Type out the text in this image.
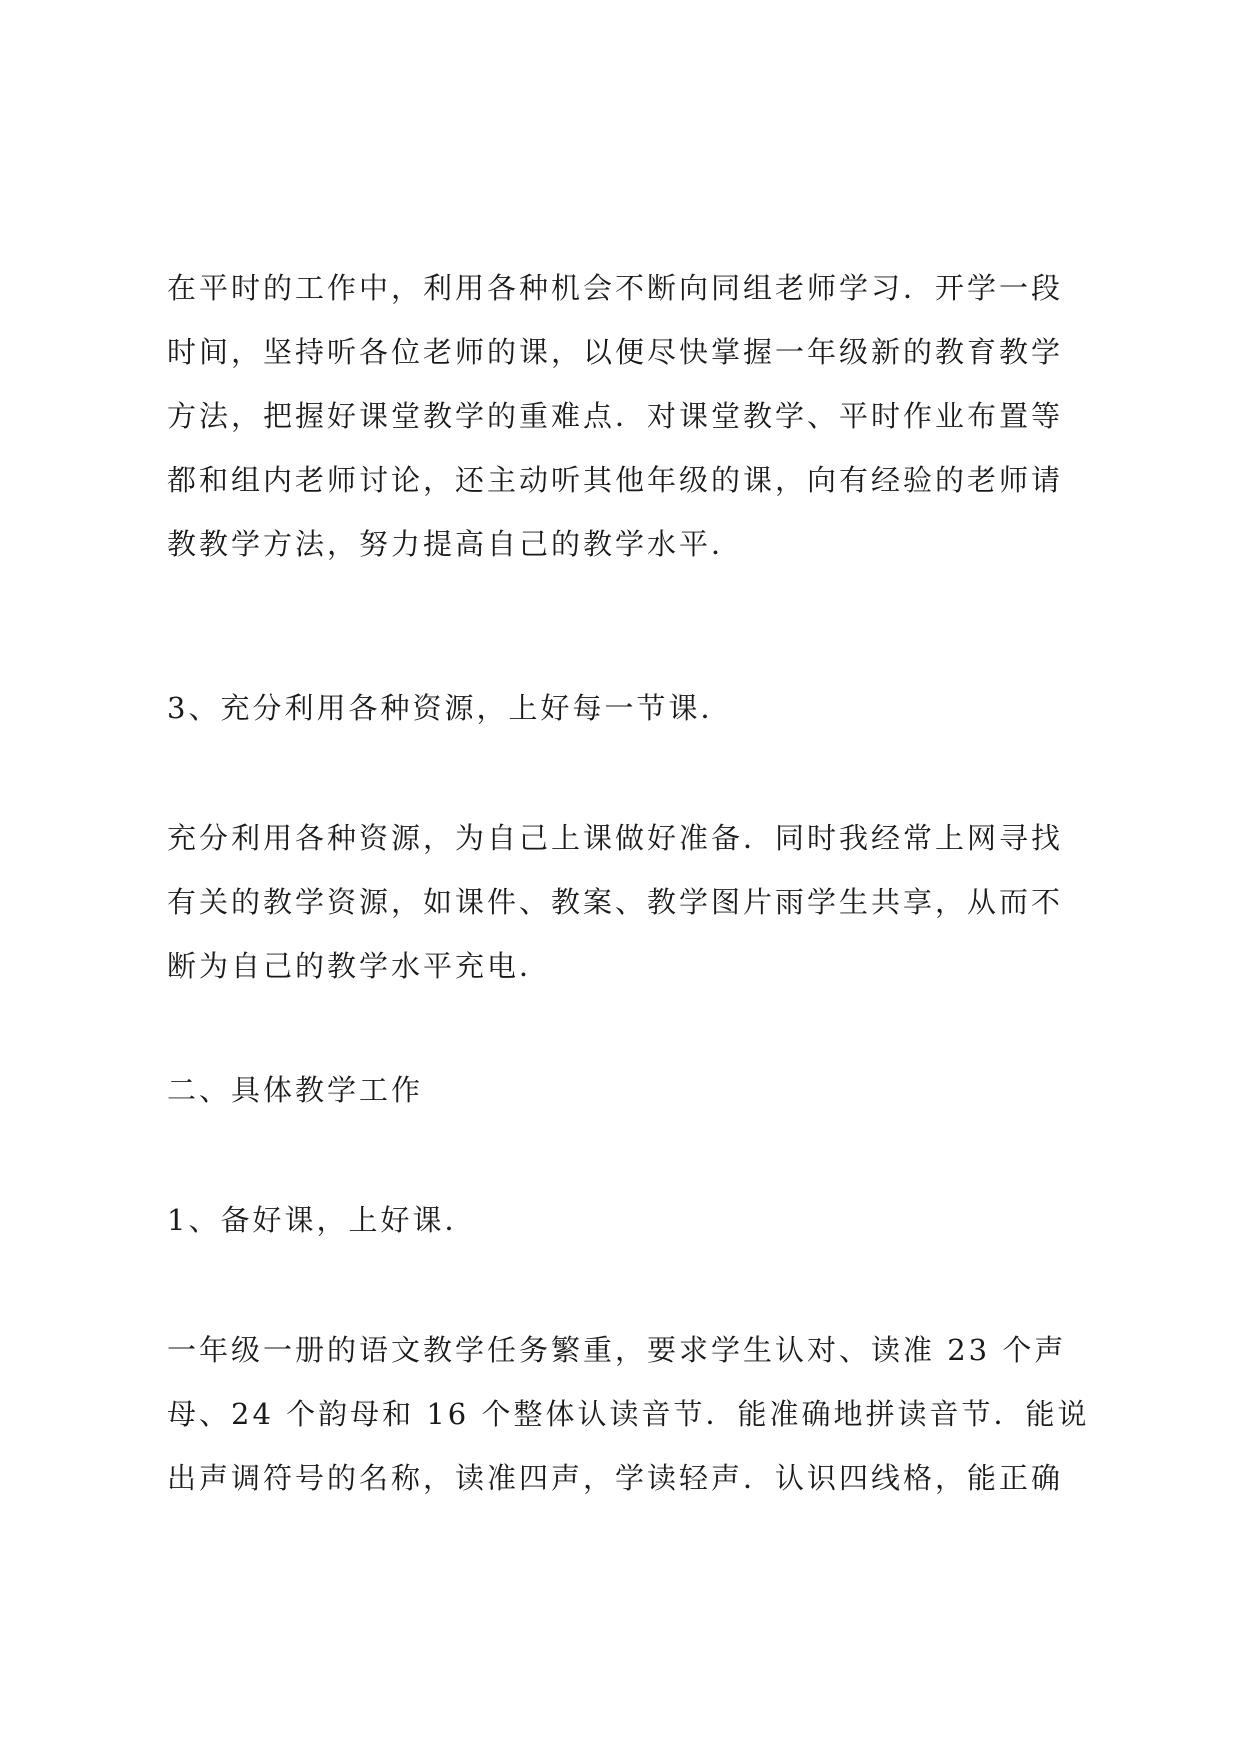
在平时的工作中，利用各种机会不断向同组老师学习．开学一段
时间，坚持听各位老师的课，以便尽快掌握一年级新的教育教学
方法，把握好课堂教学的重难点．对课堂教学、平时作业布置等
都和组内老师讨论，还主动听其他年级的课，向有经验的老师请
教教学方法，努力提高自己的教学水平．

3、充分利用各种资源，上好每一节课．

充分利用各种资源，为自己上课做好准备．同时我经常上网寻找
有关的教学资源，如课件、教案、教学图片雨学生共享，从而不
断为自己的教学水平充电．

二、具体教学工作

1、备好课，上好课．

一年级一册的语文教学任务繁重，要求学生认对、读准 23 个声
母、24 个韵母和 16 个整体认读音节．能准确地拼读音节．能说
出声调符号的名称，读准四声，学读轻声．认识四线格，能正确
